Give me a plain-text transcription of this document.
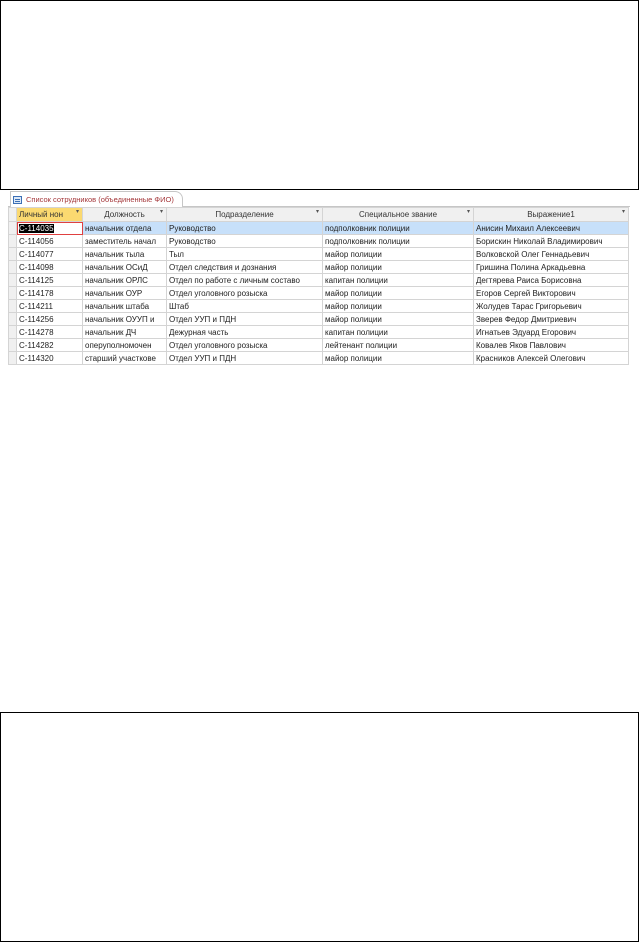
Список сотрудников (объединенные ФИО)
	Личный нон ▾	Должность ▾	Подразделение ▾	Специальное звание ▾	Выражение1 ▾

	С-114035	начальник отдела	Руководство	подполковник полиции	Анисин Михаил Алексеевич
	С-114056	заместитель начал	Руководство	подполковник полиции	Борискин Николай Владимирович
	С-114077	начальник тыла	Тыл	майор полиции	Волковской Олег Геннадьевич
	С-114098	начальник ОСиД	Отдел следствия и дознания	майор полиции	Гришина Полина Аркадьевна
	С-114125	начальник ОРЛС	Отдел по работе с личным составо	капитан полиции	Дегтярева Раиса Борисовна
	С-114178	начальник ОУР	Отдел уголовного розыска	майор полиции	Егоров Сергей Викторович
	С-114211	начальник штаба	Штаб	майор полиции	Жолудев Тарас Григорьевич
	С-114256	начальник ОУУП и	Отдел УУП и ПДН	майор полиции	Зверев Федор Дмитриевич
	С-114278	начальник ДЧ	Дежурная часть	капитан полиции	Игнатьев Эдуард Егорович
	С-114282	оперуполномочен	Отдел уголовного розыска	лейтенант полиции	Ковалев Яков Павлович
	С-114320	старший участкове	Отдел УУП и ПДН	майор полиции	Красников Алексей Олегович
